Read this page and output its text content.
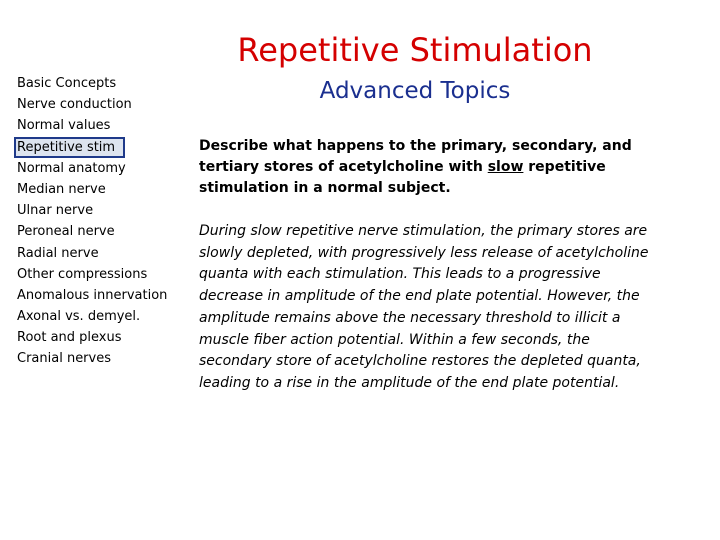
Basic Concepts
Nerve conduction
Normal values
Repetitive stim
Normal anatomy
Median nerve
Ulnar nerve
Peroneal nerve
Radial nerve
Other compressions
Anomalous innervation
Axonal vs. demyel.
Root and plexus
Cranial nerves
Repetitive Stimulation
Advanced Topics

Describe what happens to the primary, secondary, and tertiary stores of acetylcholine with slow repetitive stimulation in a normal subject.

During slow repetitive nerve stimulation, the primary stores are slowly depleted, with progressively less release of acetylcholine quanta with each stimulation. This leads to a progressive decrease in amplitude of the end plate potential. However, the amplitude remains above the necessary threshold to illicit a muscle fiber action potential. Within a few seconds, the secondary store of acetylcholine restores the depleted quanta, leading to a rise in the amplitude of the end plate potential.
